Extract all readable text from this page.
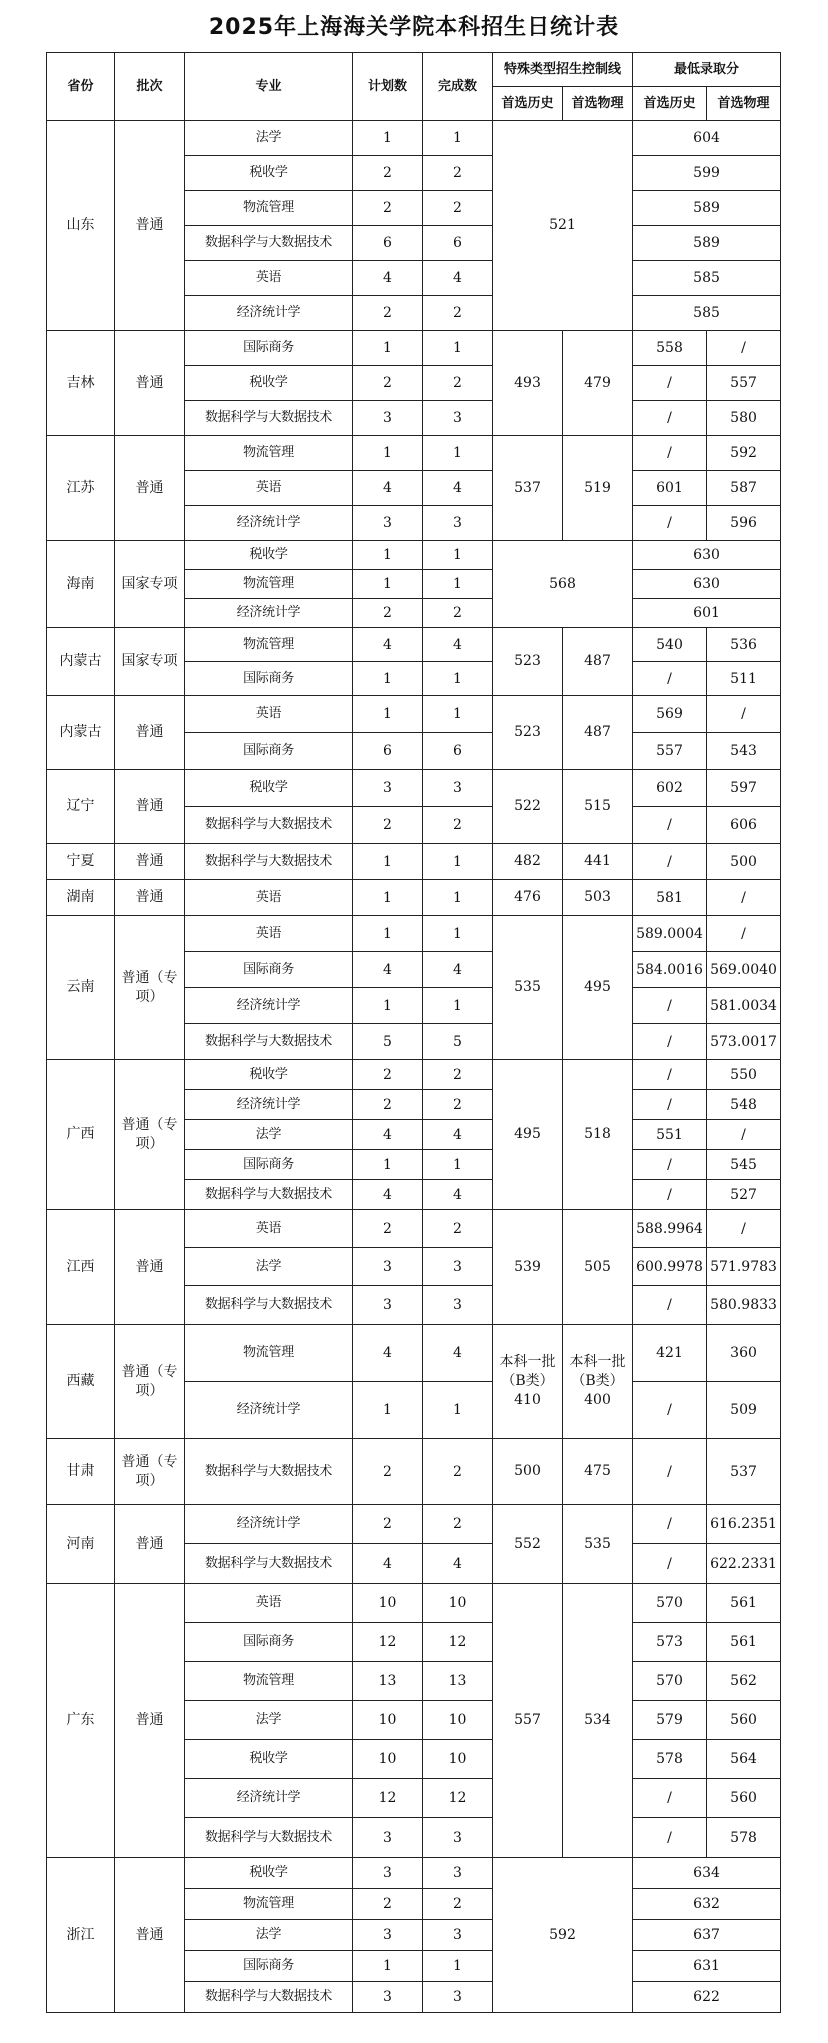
2025年上海海关学院本科招生日统计表
省份	批次	专业	计划数	完成数	特殊类型招生控制线		最低录取分	
					首选历史	首选物理	首选历史	首选物理
山东	普通	法学	1	1	521		604	
		税收学	2	2			599	
		物流管理	2	2			589	
		数据科学与大数据技术	6	6			589	
		英语	4	4			585	
		经济统计学	2	2			585	
吉林	普通	国际商务	1	1	493	479	558	/
		税收学	2	2			/	557
		数据科学与大数据技术	3	3			/	580
江苏	普通	物流管理	1	1	537	519	/	592
		英语	4	4			601	587
		经济统计学	3	3			/	596
海南	国家专项	税收学	1	1	568		630	
		物流管理	1	1			630	
		经济统计学	2	2			601	
内蒙古	国家专项	物流管理	4	4	523	487	540	536
		国际商务	1	1			/	511
内蒙古	普通	英语	1	1	523	487	569	/
		国际商务	6	6			557	543
辽宁	普通	税收学	3	3	522	515	602	597
		数据科学与大数据技术	2	2			/	606
宁夏	普通	数据科学与大数据技术	1	1	482	441	/	500
湖南	普通	英语	1	1	476	503	581	/
云南	普通（专项）	英语	1	1	535	495	589.0004	/
		国际商务	4	4			584.0016	569.0040
		经济统计学	1	1			/	581.0034
		数据科学与大数据技术	5	5			/	573.0017
广西	普通（专项）	税收学	2	2	495	518	/	550
		经济统计学	2	2			/	548
		法学	4	4			551	/
		国际商务	1	1			/	545
		数据科学与大数据技术	4	4			/	527
江西	普通	英语	2	2	539	505	588.9964	/
		法学	3	3			600.9978	571.9783
		数据科学与大数据技术	3	3			/	580.9833
西藏	普通（专项）	物流管理	4	4	本科一批（B类）410	本科一批（B类）400	421	360
		经济统计学	1	1			/	509
甘肃	普通（专项）	数据科学与大数据技术	2	2	500	475	/	537
河南	普通	经济统计学	2	2	552	535	/	616.2351
		数据科学与大数据技术	4	4			/	622.2331
广东	普通	英语	10	10	557	534	570	561
		国际商务	12	12			573	561
		物流管理	13	13			570	562
		法学	10	10			579	560
		税收学	10	10			578	564
		经济统计学	12	12			/	560
		数据科学与大数据技术	3	3			/	578
浙江	普通	税收学	3	3	592		634	
		物流管理	2	2			632	
		法学	3	3			637	
		国际商务	1	1			631	
		数据科学与大数据技术	3	3			622	
